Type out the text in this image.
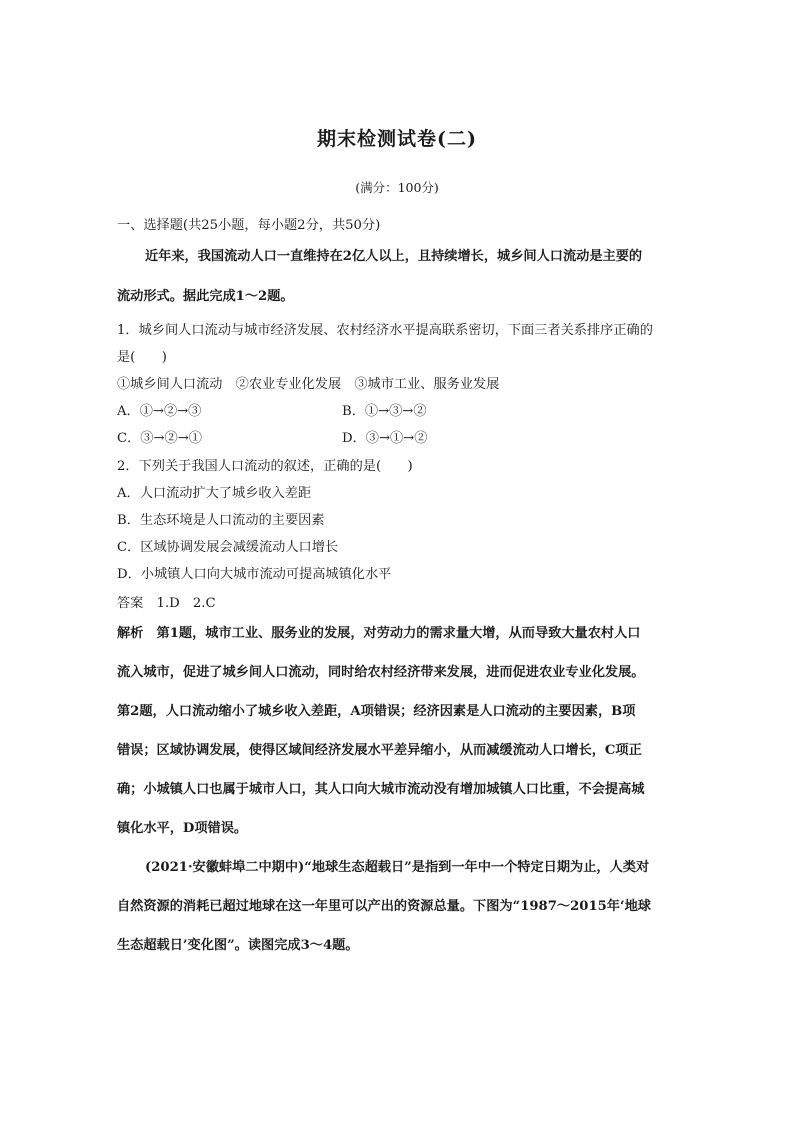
期末检测试卷(二)
(满分：100分)
一、选择题(共25小题，每小题2分，共50分)
近年来，我国流动人口一直维持在2亿人以上，且持续增长，城乡间人口流动是主要的
流动形式。据此完成1～2题。
1．城乡间人口流动与城市经济发展、农村经济水平提高联系密切，下面三者关系排序正确的
是(　　)
①城乡间人口流动　②农业专业化发展　③城市工业、服务业发展
A．①→②→③	B．①→③→②
C．③→②→①	D．③→①→②
2．下列关于我国人口流动的叙述，正确的是(　　)
A．人口流动扩大了城乡收入差距
B．生态环境是人口流动的主要因素
C．区域协调发展会减缓流动人口增长
D．小城镇人口向大城市流动可提高城镇化水平
答案　1.D　2.C
解析　第1题，城市工业、服务业的发展，对劳动力的需求量大增，从而导致大量农村人口
流入城市，促进了城乡间人口流动，同时给农村经济带来发展，进而促进农业专业化发展。
第2题，人口流动缩小了城乡收入差距，A项错误；经济因素是人口流动的主要因素，B项
错误；区域协调发展，使得区域间经济发展水平差异缩小，从而减缓流动人口增长，C项正
确；小城镇人口也属于城市人口，其人口向大城市流动没有增加城镇人口比重，不会提高城
镇化水平，D项错误。
(2021·安徽蚌埠二中期中)“地球生态超载日”是指到一年中一个特定日期为止，人类对
自然资源的消耗已超过地球在这一年里可以产出的资源总量。下图为“1987～2015年‘地球
生态超载日’变化图”。读图完成3～4题。
